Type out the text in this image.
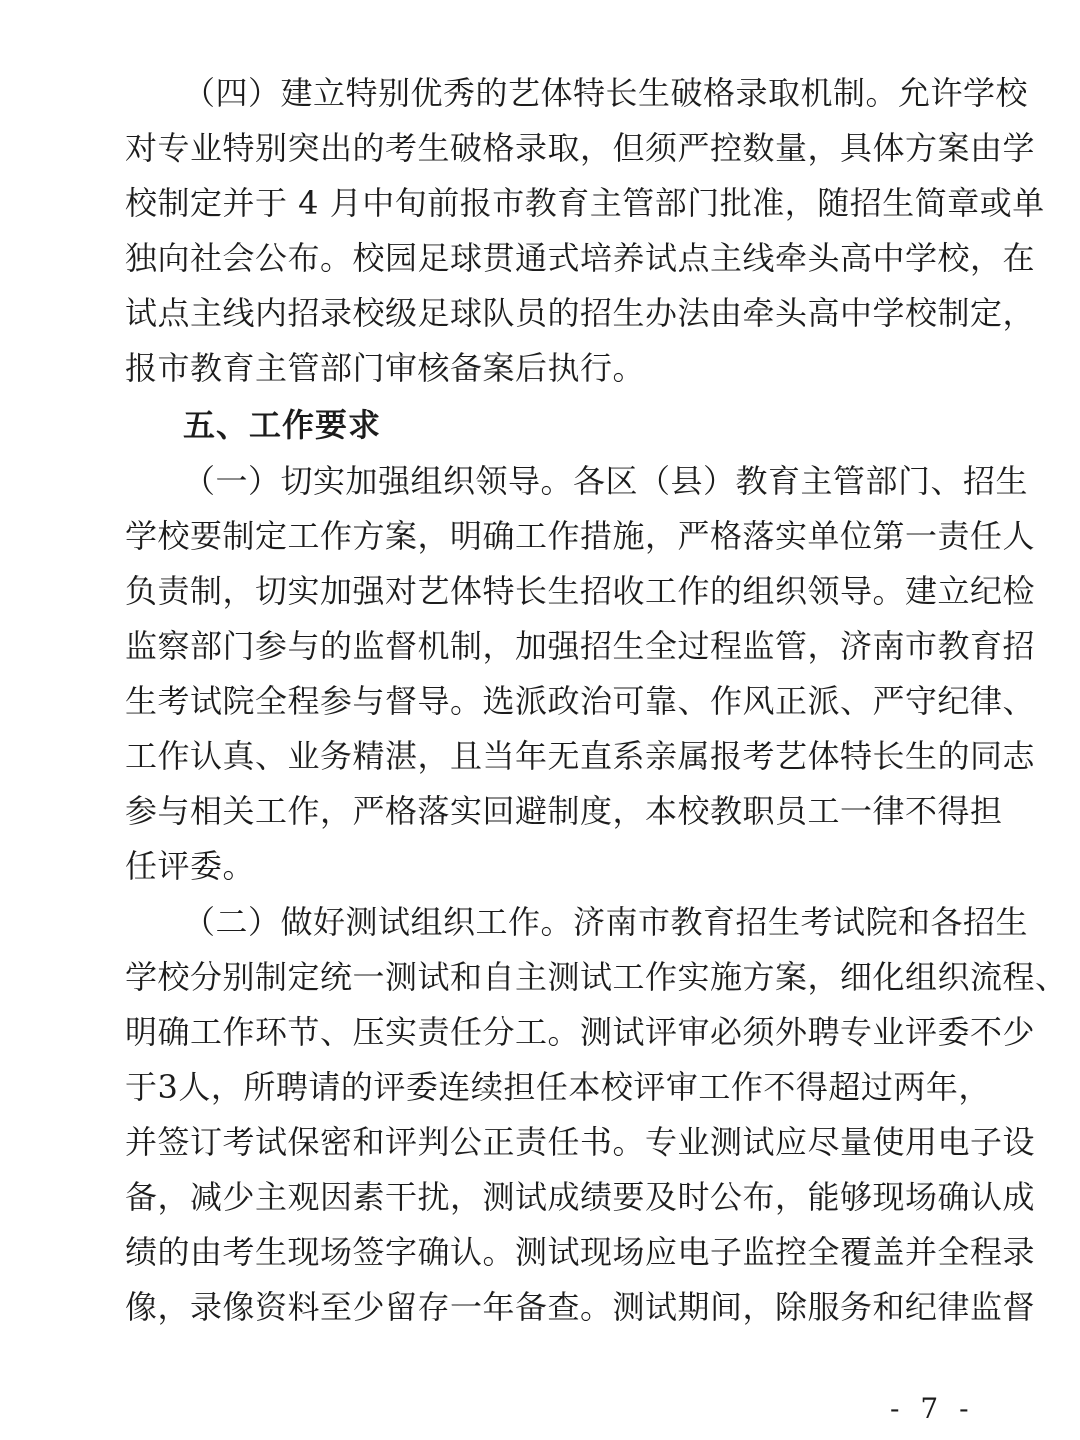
（四）建立特别优秀的艺体特长生破格录取机制。允许学校
对专业特别突出的考生破格录取，但须严控数量，具体方案由学
校制定并于 4 月中旬前报市教育主管部门批准，随招生简章或单
独向社会公布。校园足球贯通式培养试点主线牵头高中学校，在
试点主线内招录校级足球队员的招生办法由牵头高中学校制定，
报市教育主管部门审核备案后执行。
五、工作要求
（一）切实加强组织领导。各区（县）教育主管部门、招生
学校要制定工作方案，明确工作措施，严格落实单位第一责任人
负责制，切实加强对艺体特长生招收工作的组织领导。建立纪检
监察部门参与的监督机制，加强招生全过程监管，济南市教育招
生考试院全程参与督导。选派政治可靠、作风正派、严守纪律、
工作认真、业务精湛，且当年无直系亲属报考艺体特长生的同志
参与相关工作，严格落实回避制度，本校教职员工一律不得担
任评委。
（二）做好测试组织工作。济南市教育招生考试院和各招生
学校分别制定统一测试和自主测试工作实施方案，细化组织流程、
明确工作环节、压实责任分工。测试评审必须外聘专业评委不少
于3人，所聘请的评委连续担任本校评审工作不得超过两年，
并签订考试保密和评判公正责任书。专业测试应尽量使用电子设
备，减少主观因素干扰，测试成绩要及时公布，能够现场确认成
绩的由考生现场签字确认。测试现场应电子监控全覆盖并全程录
像，录像资料至少留存一年备查。测试期间，除服务和纪律监督
- 7 -
